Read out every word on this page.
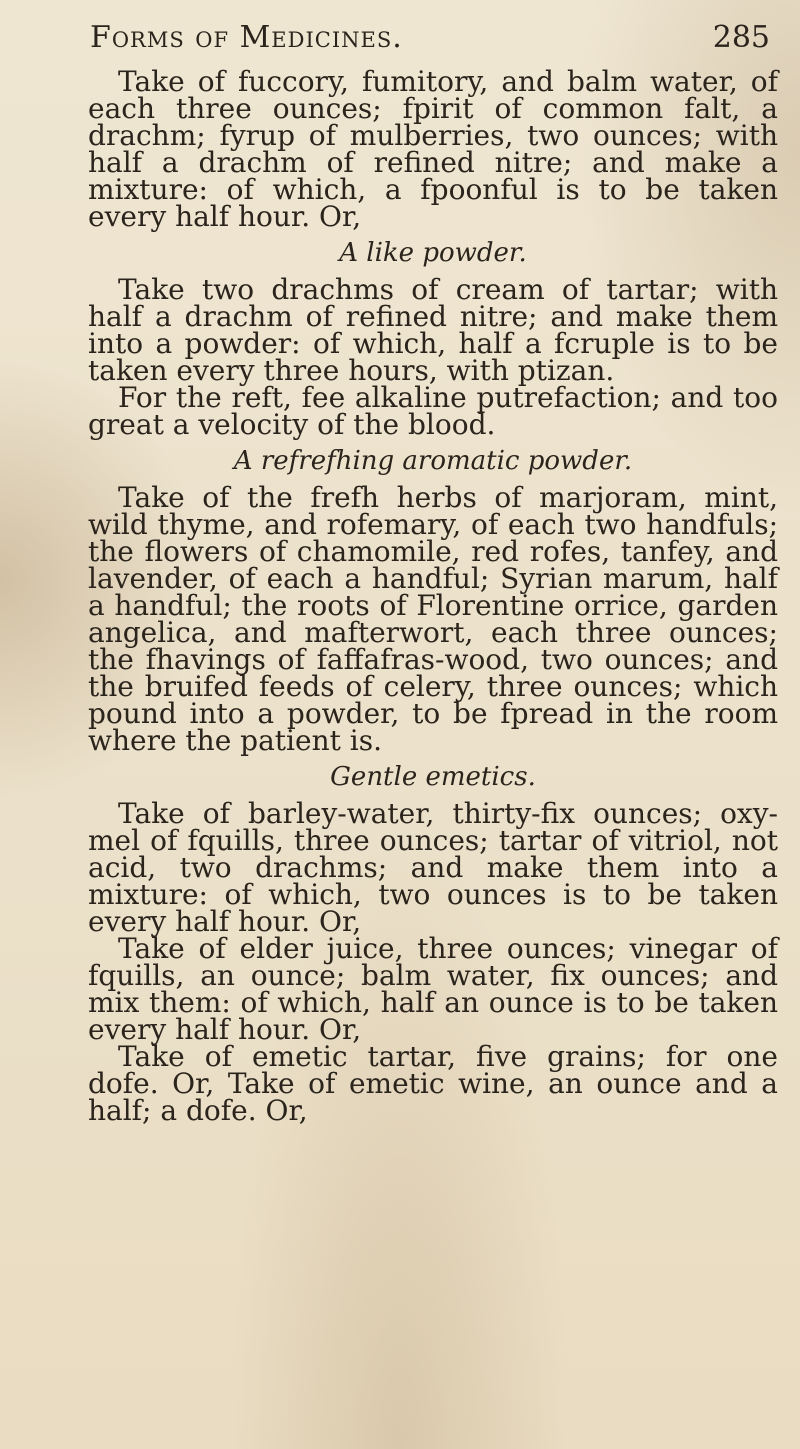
Forms of Medicines.	285

Take of fuccory, fumitory, and balm water, of each three ounces; fpirit of common falt, a drachm; fyrup of mulberries, two ounces; with half a drachm of refined nitre; and make a mixture: of which, a fpoonful is to be taken every half hour. Or,

A like powder.

Take two drachms of cream of tartar; with half a drachm of refined nitre; and make them into a powder: of which, half a fcruple is to be taken every three hours, with ptizan.

For the reft, fee alkaline putrefaction; and too great a velocity of the blood.

A refrefhing aromatic powder.

Take of the frefh herbs of marjoram, mint, wild thyme, and rofemary, of each two handfuls; the flowers of chamomile, red rofes, tanfey, and lavender, of each a handful; Syrian marum, half a handful; the roots of Florentine orrice, garden angelica, and mafterwort, each three ounces; the fhavings of faffafras-wood, two ounces; and the bruifed feeds of celery, three ounces; which pound into a powder, to be fpread in the room where the patient is.

Gentle emetics.

Take of barley-water, thirty-fix ounces; oxy-mel of fquills, three ounces; tartar of vitriol, not acid, two drachms; and make them into a mixture: of which, two ounces is to be taken every half hour. Or,

Take of elder juice, three ounces; vinegar of fquills, an ounce; balm water, fix ounces; and mix them: of which, half an ounce is to be taken every half hour. Or,

Take of emetic tartar, five grains; for one dofe. Or, Take of emetic wine, an ounce and a half; a dofe. Or,
